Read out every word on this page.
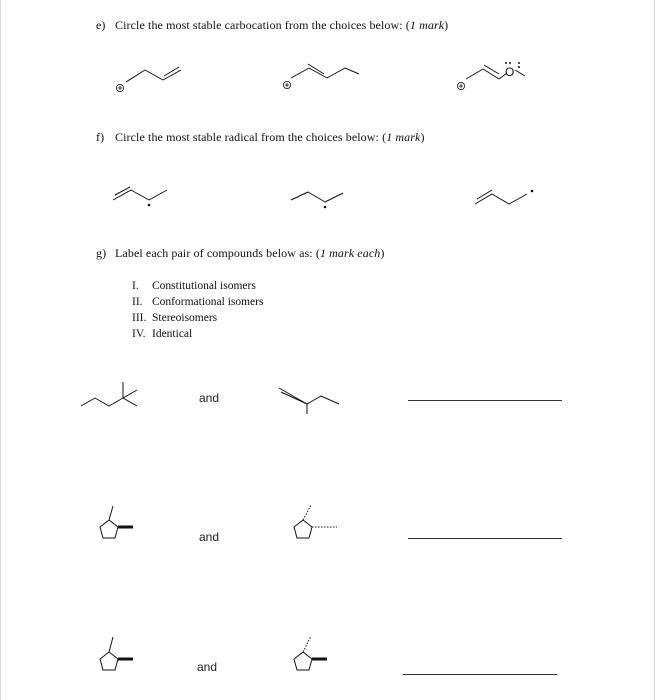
e) Circle the most stable carbocation from the choices below: (1 mark)
O
f) Circle the most stable radical from the choices below: (1 mark)
g) Label each pair of compounds below as: (1 mark each)
I.	Constitutional isomers
II. Conformational isomers
III. Stereoisomers
IV. Identical
and
and
and
